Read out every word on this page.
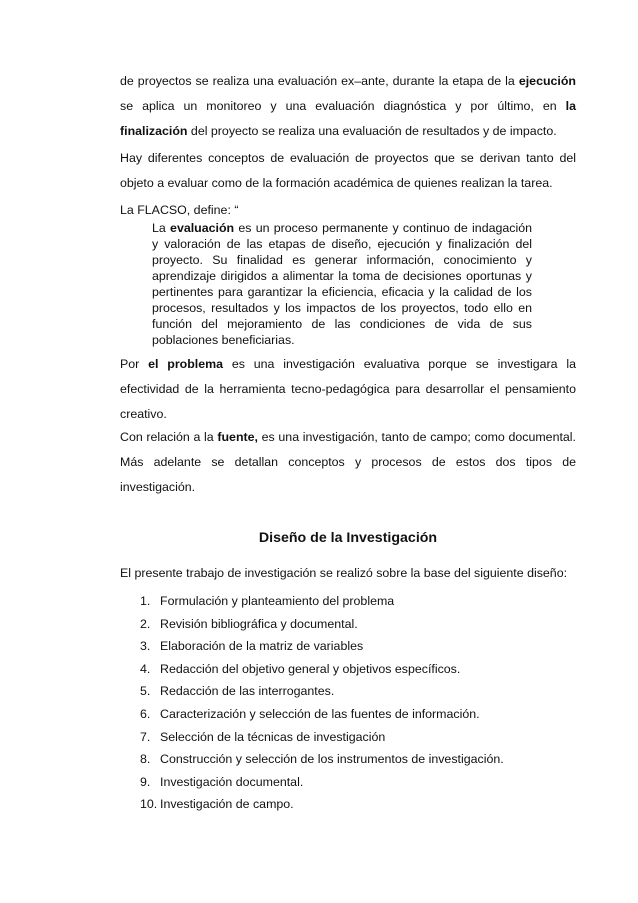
de proyectos se realiza una evaluación ex–ante, durante la etapa de la ejecución se aplica un monitoreo y una evaluación diagnóstica y por último, en la finalización del proyecto se realiza una evaluación de resultados y de impacto.

Hay diferentes conceptos de evaluación de proyectos que se derivan tanto del objeto a evaluar como de la formación académica de quienes realizan la tarea.

La FLACSO, define: “

La evaluación es un proceso permanente y continuo de indagación y valoración de las etapas de diseño, ejecución y finalización del proyecto. Su finalidad es generar información, conocimiento y aprendizaje dirigidos a alimentar la toma de decisiones oportunas y pertinentes para garantizar la eficiencia, eficacia y la calidad de los procesos, resultados y los impactos de los proyectos, todo ello en función del mejoramiento de las condiciones de vida de sus poblaciones beneficiarias.

Por el problema es una investigación evaluativa porque se investigara la efectividad de la herramienta tecno-pedagógica para desarrollar el pensamiento creativo.

Con relación a la fuente, es una investigación, tanto de campo; como documental. Más adelante se detallan conceptos y procesos de estos dos tipos de investigación.

Diseño de la Investigación

El presente trabajo de investigación se realizó sobre la base del siguiente diseño:

1. Formulación y planteamiento del problema
2. Revisión bibliográfica y documental.
3. Elaboración de la matriz de variables
4. Redacción del objetivo general y objetivos específicos.
5. Redacción de las interrogantes.
6. Caracterización y selección de las fuentes de información.
7. Selección de la técnicas de investigación
8. Construcción y selección de los instrumentos de investigación.
9. Investigación documental.
10. Investigación de campo.
